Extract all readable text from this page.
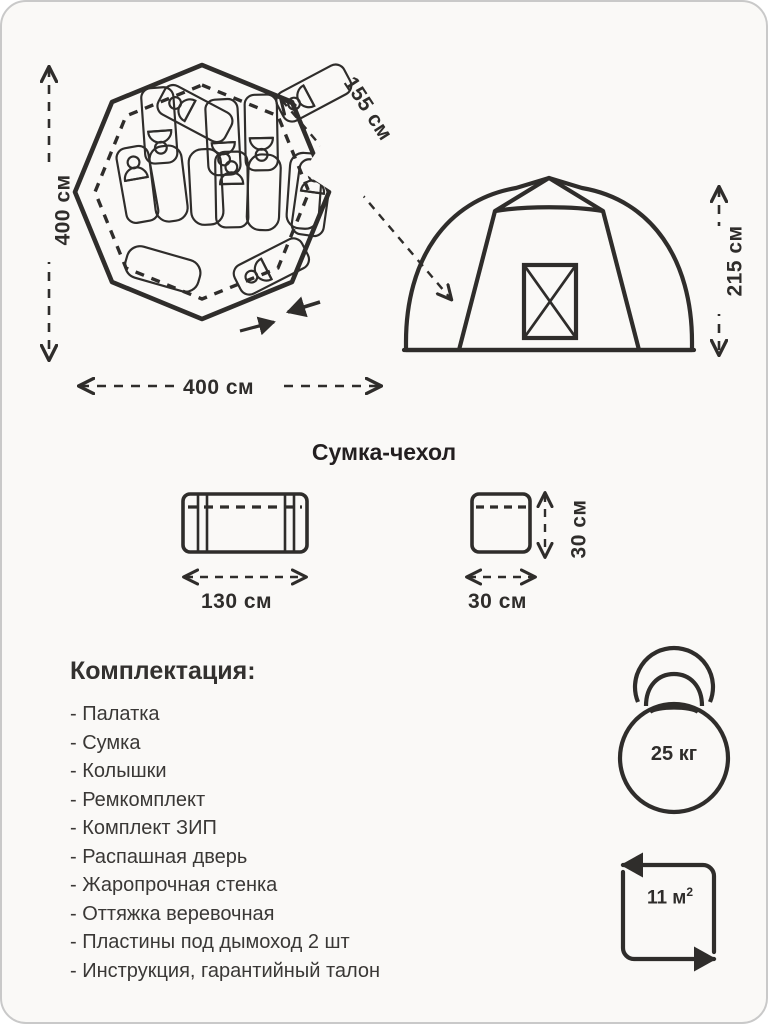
400 см
400 см
155 см
215 см
Сумка-чехол
130 см	30 см
30 см
Комплектация:
- Палатка
- Сумка
- Колышки
- Ремкомплект
- Комплект ЗИП
- Распашная дверь
- Жаропрочная стенка
- Оттяжка веревочная
- Пластины под дымоход 2 шт
- Инструкция, гарантийный талон
25 кг
11 $м^2$
